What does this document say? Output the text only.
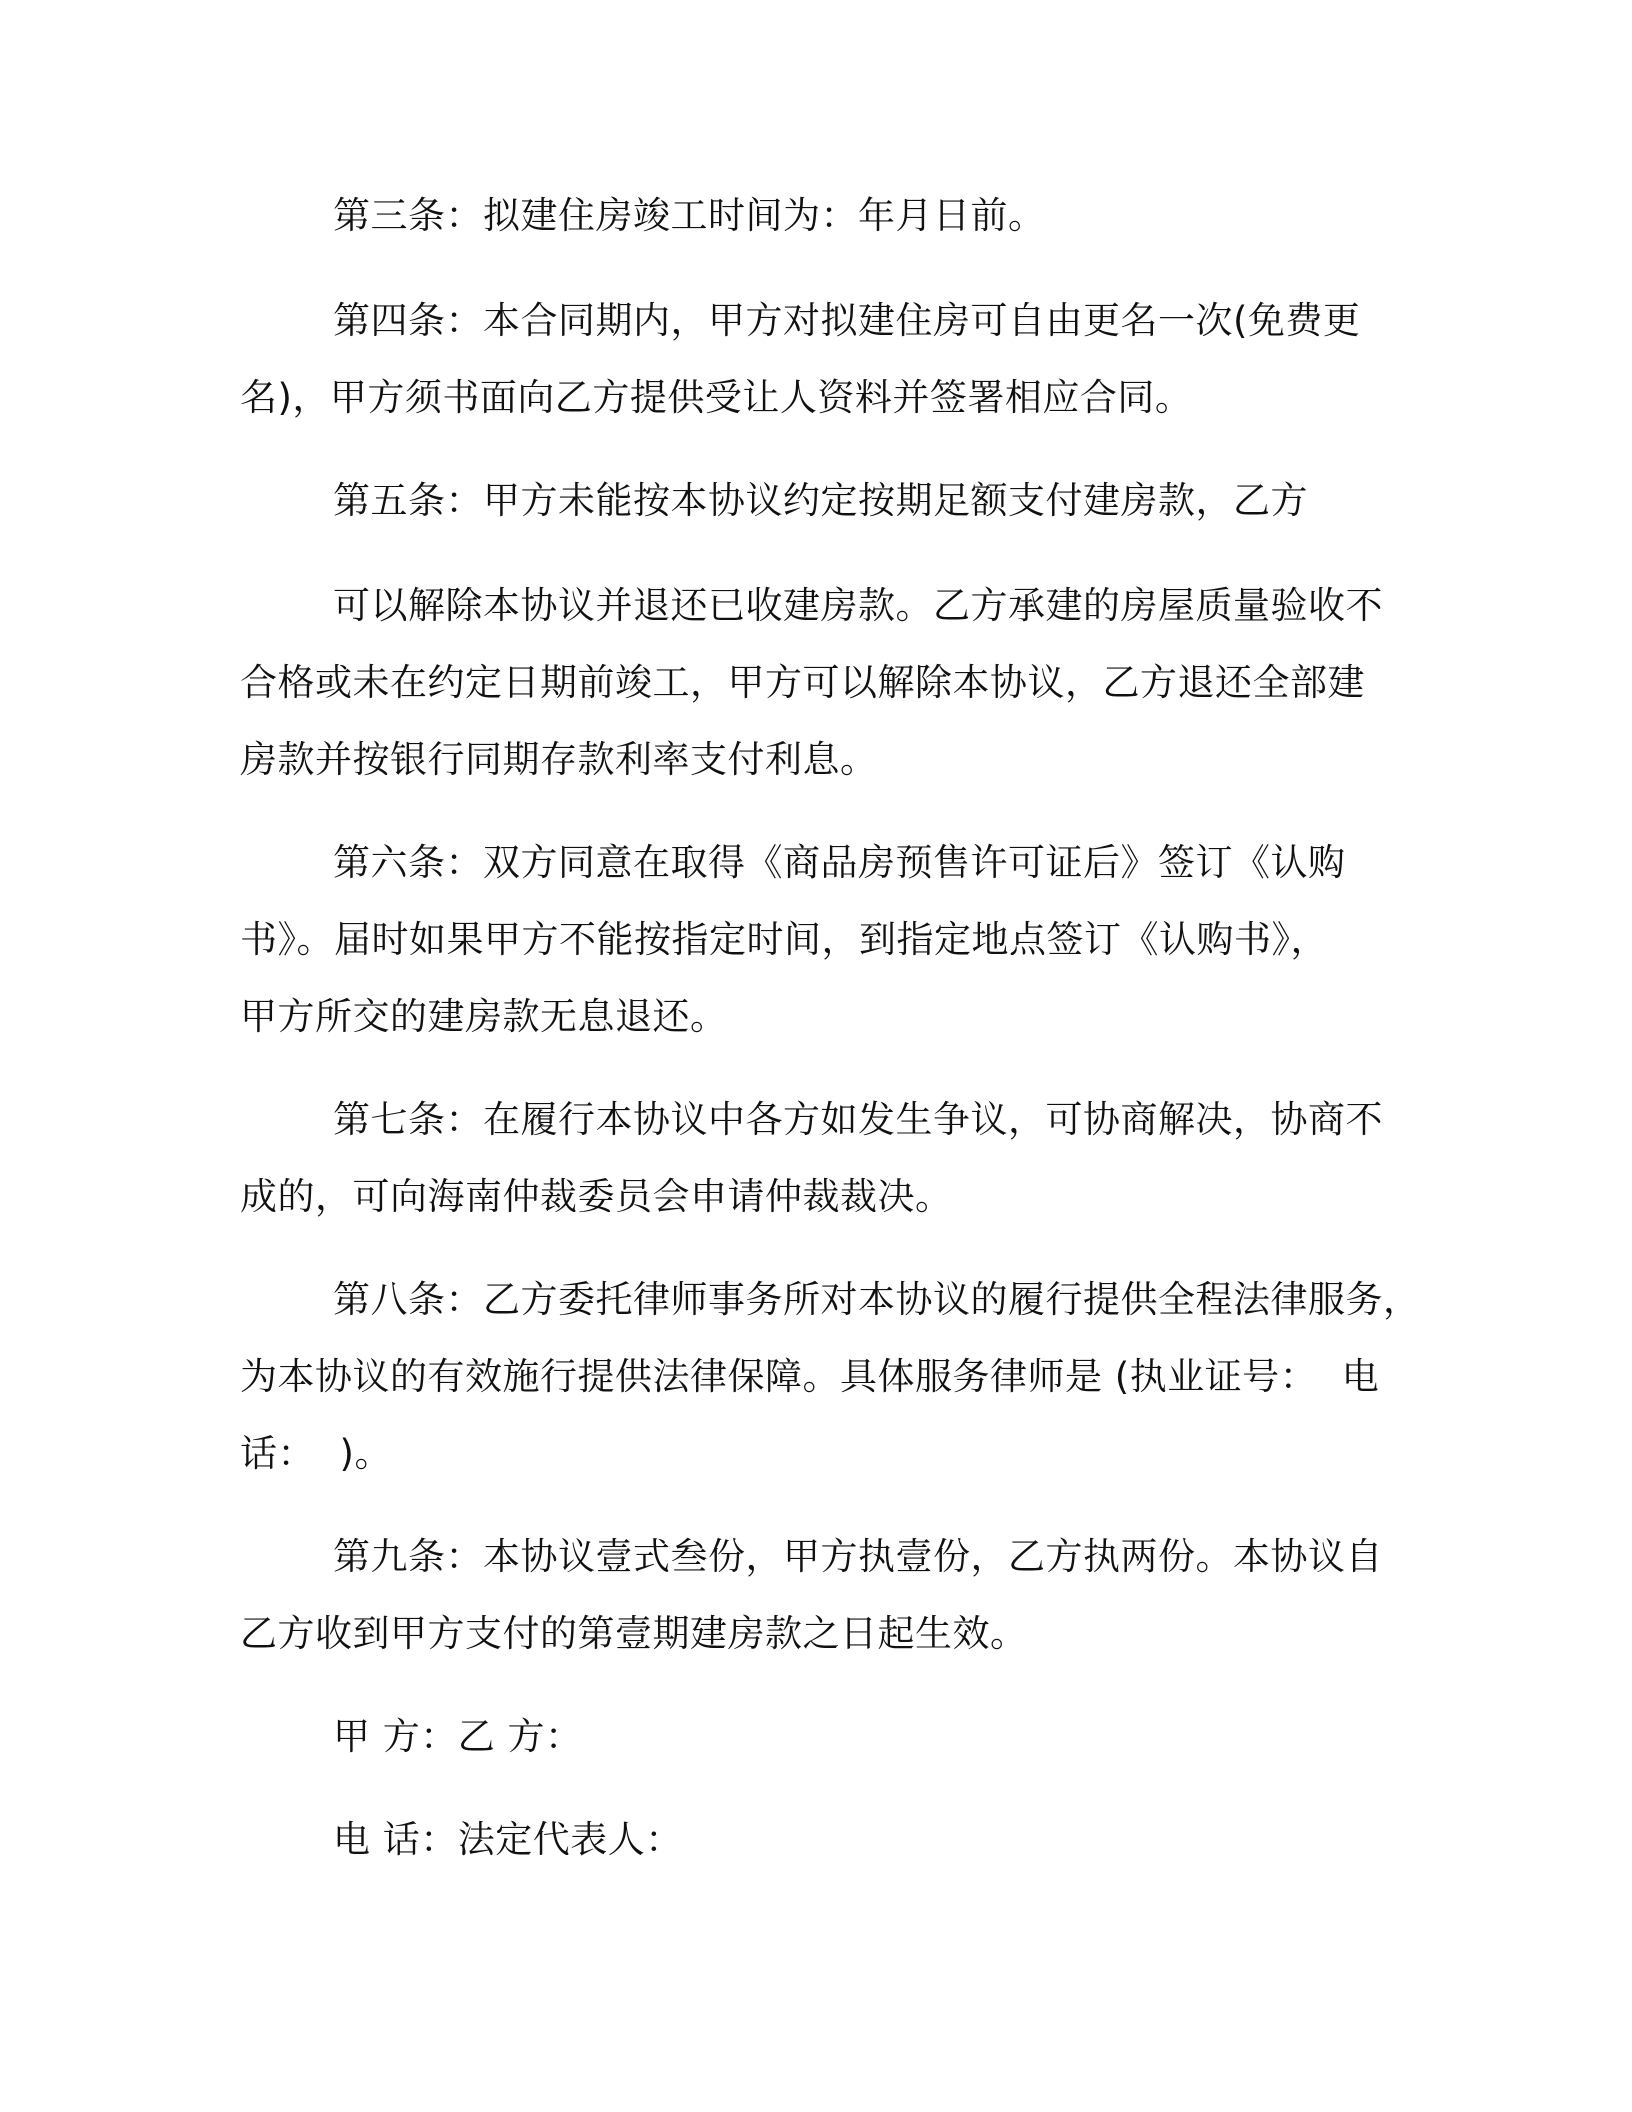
第三条：拟建住房竣工时间为：年月日前。

第四条：本合同期内，甲方对拟建住房可自由更名一次(免费更

名)，甲方须书面向乙方提供受让人资料并签署相应合同。

第五条：甲方未能按本协议约定按期足额支付建房款，乙方

可以解除本协议并退还已收建房款。乙方承建的房屋质量验收不

合格或未在约定日期前竣工，甲方可以解除本协议，乙方退还全部建

房款并按银行同期存款利率支付利息。

第六条：双方同意在取得《商品房预售许可证后》签订《认购

书》。届时如果甲方不能按指定时间，到指定地点签订《认购书》，

甲方所交的建房款无息退还。

第七条：在履行本协议中各方如发生争议，可协商解决，协商不

成的，可向海南仲裁委员会申请仲裁裁决。

第八条：乙方委托律师事务所对本协议的履行提供全程法律服务，

为本协议的有效施行提供法律保障。具体服务律师是 (执业证号：  电

话：  )。

第九条：本协议壹式叁份，甲方执壹份，乙方执两份。本协议自

乙方收到甲方支付的第壹期建房款之日起生效。

甲 方：乙 方：

电 话：法定代表人：
